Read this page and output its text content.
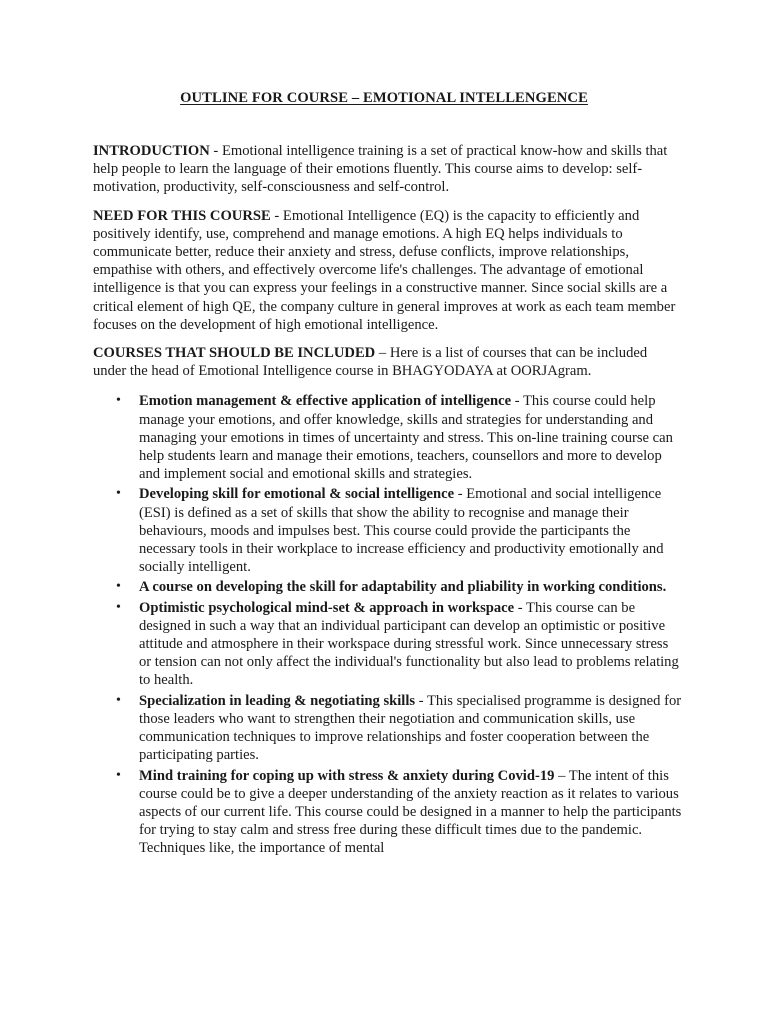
OUTLINE FOR COURSE – EMOTIONAL INTELLENGENCE

INTRODUCTION - Emotional intelligence training is a set of practical know-how and skills that help people to learn the language of their emotions fluently. This course aims to develop: self-motivation, productivity, self-consciousness and self-control.

NEED FOR THIS COURSE - Emotional Intelligence (EQ) is the capacity to efficiently and positively identify, use, comprehend and manage emotions. A high EQ helps individuals to communicate better, reduce their anxiety and stress, defuse conflicts, improve relationships, empathise with others, and effectively overcome life's challenges. The advantage of emotional intelligence is that you can express your feelings in a constructive manner. Since social skills are a critical element of high QE, the company culture in general improves at work as each team member focuses on the development of high emotional intelligence.

COURSES THAT SHOULD BE INCLUDED – Here is a list of courses that can be included under the head of Emotional Intelligence course in BHAGYODAYA at OORJAgram.

• Emotion management & effective application of intelligence - This course could help manage your emotions, and offer knowledge, skills and strategies for understanding and managing your emotions in times of uncertainty and stress. This on-line training course can help students learn and manage their emotions, teachers, counsellors and more to develop and implement social and emotional skills and strategies.
• Developing skill for emotional & social intelligence - Emotional and social intelligence (ESI) is defined as a set of skills that show the ability to recognise and manage their behaviours, moods and impulses best. This course could provide the participants the necessary tools in their workplace to increase efficiency and productivity emotionally and socially intelligent.
• A course on developing the skill for adaptability and pliability in working conditions.
• Optimistic psychological mind-set & approach in workspace - This course can be designed in such a way that an individual participant can develop an optimistic or positive attitude and atmosphere in their workspace during stressful work. Since unnecessary stress or tension can not only affect the individual's functionality but also lead to problems relating to health.
• Specialization in leading & negotiating skills - This specialised programme is designed for those leaders who want to strengthen their negotiation and communication skills, use communication techniques to improve relationships and foster cooperation between the participating parties.
• Mind training for coping up with stress & anxiety during Covid-19 – The intent of this course could be to give a deeper understanding of the anxiety reaction as it relates to various aspects of our current life. This course could be designed in a manner to help the participants for trying to stay calm and stress free during these difficult times due to the pandemic. Techniques like, the importance of mental
